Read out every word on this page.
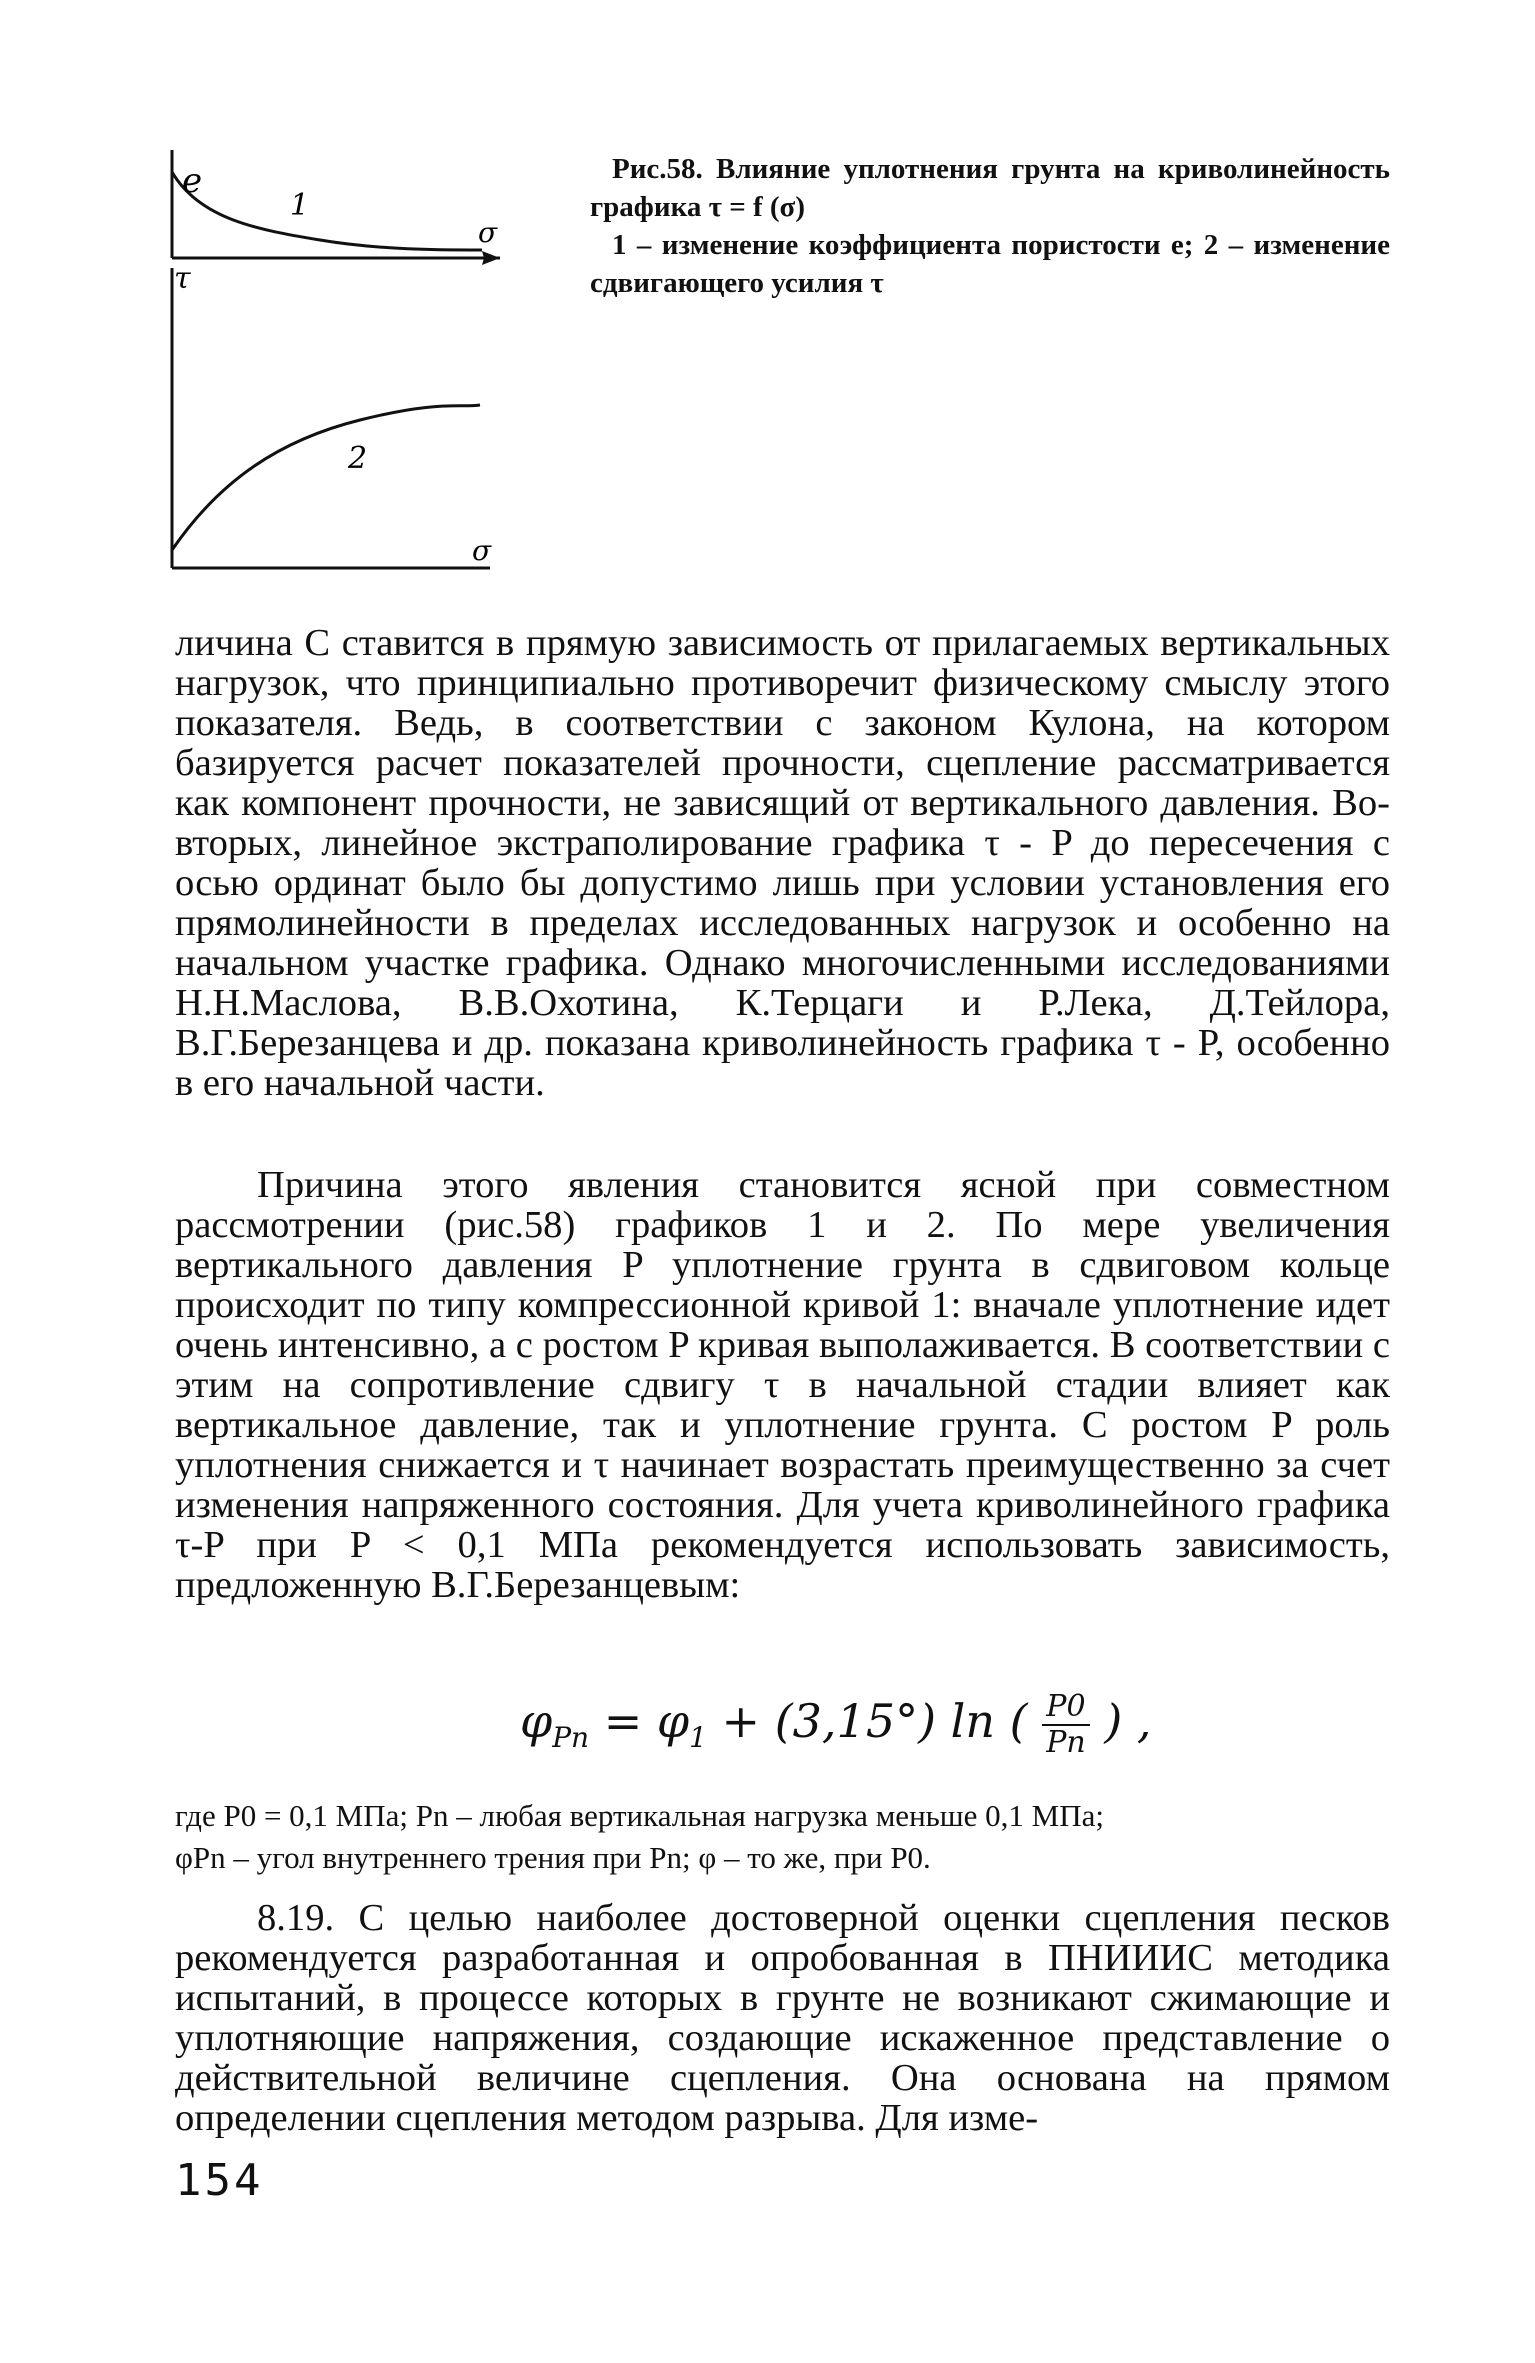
e
τ
σ
σ
1
2

Рис.58. Влияние уплотнения грунта на криволинейность графика τ = f (σ)

1 – изменение коэффициента пористости e; 2 – изменение сдвигающего усилия τ

личина C ставится в прямую зависимость от прилагаемых вертикальных нагрузок, что принципиально противоречит физическому смыслу этого показателя. Ведь, в соответствии с законом Кулона, на котором базируется расчет показателей прочности, сцепление рассматривается как компонент прочности, не зависящий от вертикального давления. Во-вторых, линейное экстраполирование графика τ - P до пересечения с осью ординат было бы допустимо лишь при условии установления его прямолинейности в пределах исследованных нагрузок и особенно на начальном участке графика. Однако многочисленными исследованиями Н.Н.Маслова, В.В.Охотина, К.Терцаги и Р.Лека, Д.Тейлора, В.Г.Березанцева и др. показана криволинейность графика τ - P, особенно в его начальной части.

Причина этого явления становится ясной при совместном рассмотрении (рис.58) графиков 1 и 2. По мере увеличения вертикального давления P уплотнение грунта в сдвиговом кольце происходит по типу компрессионной кривой 1: вначале уплотнение идет очень интенсивно, а с ростом P кривая выполаживается. В соответствии с этим на сопротивление сдвигу τ в начальной стадии влияет как вертикальное давление, так и уплотнение грунта. С ростом P роль уплотнения снижается и τ начинает возрастать преимущественно за счет изменения напряженного состояния. Для учета криволинейного графика τ-P при P < 0,1 МПа рекомендуется использовать зависимость, предложенную В.Г.Березанцевым:

$\varphi_{Pn} = \varphi_1 + (3,15^\circ)$ ln ( $\frac{P0}{Pn}$ ) ,

где P0 = 0,1 МПа; Pn – любая вертикальная нагрузка меньше 0,1 МПа;

φPn – угол внутреннего трения при Pn; φ – то же, при P0.

8.19. С целью наиболее достоверной оценки сцепления песков рекомендуется разработанная и опробованная в ПНИИИС методика испытаний, в процессе которых в грунте не возникают сжимающие и уплотняющие напряжения, создающие искаженное представление о действительной величине сцепления. Она основана на прямом определении сцепления методом разрыва. Для изме-

154
